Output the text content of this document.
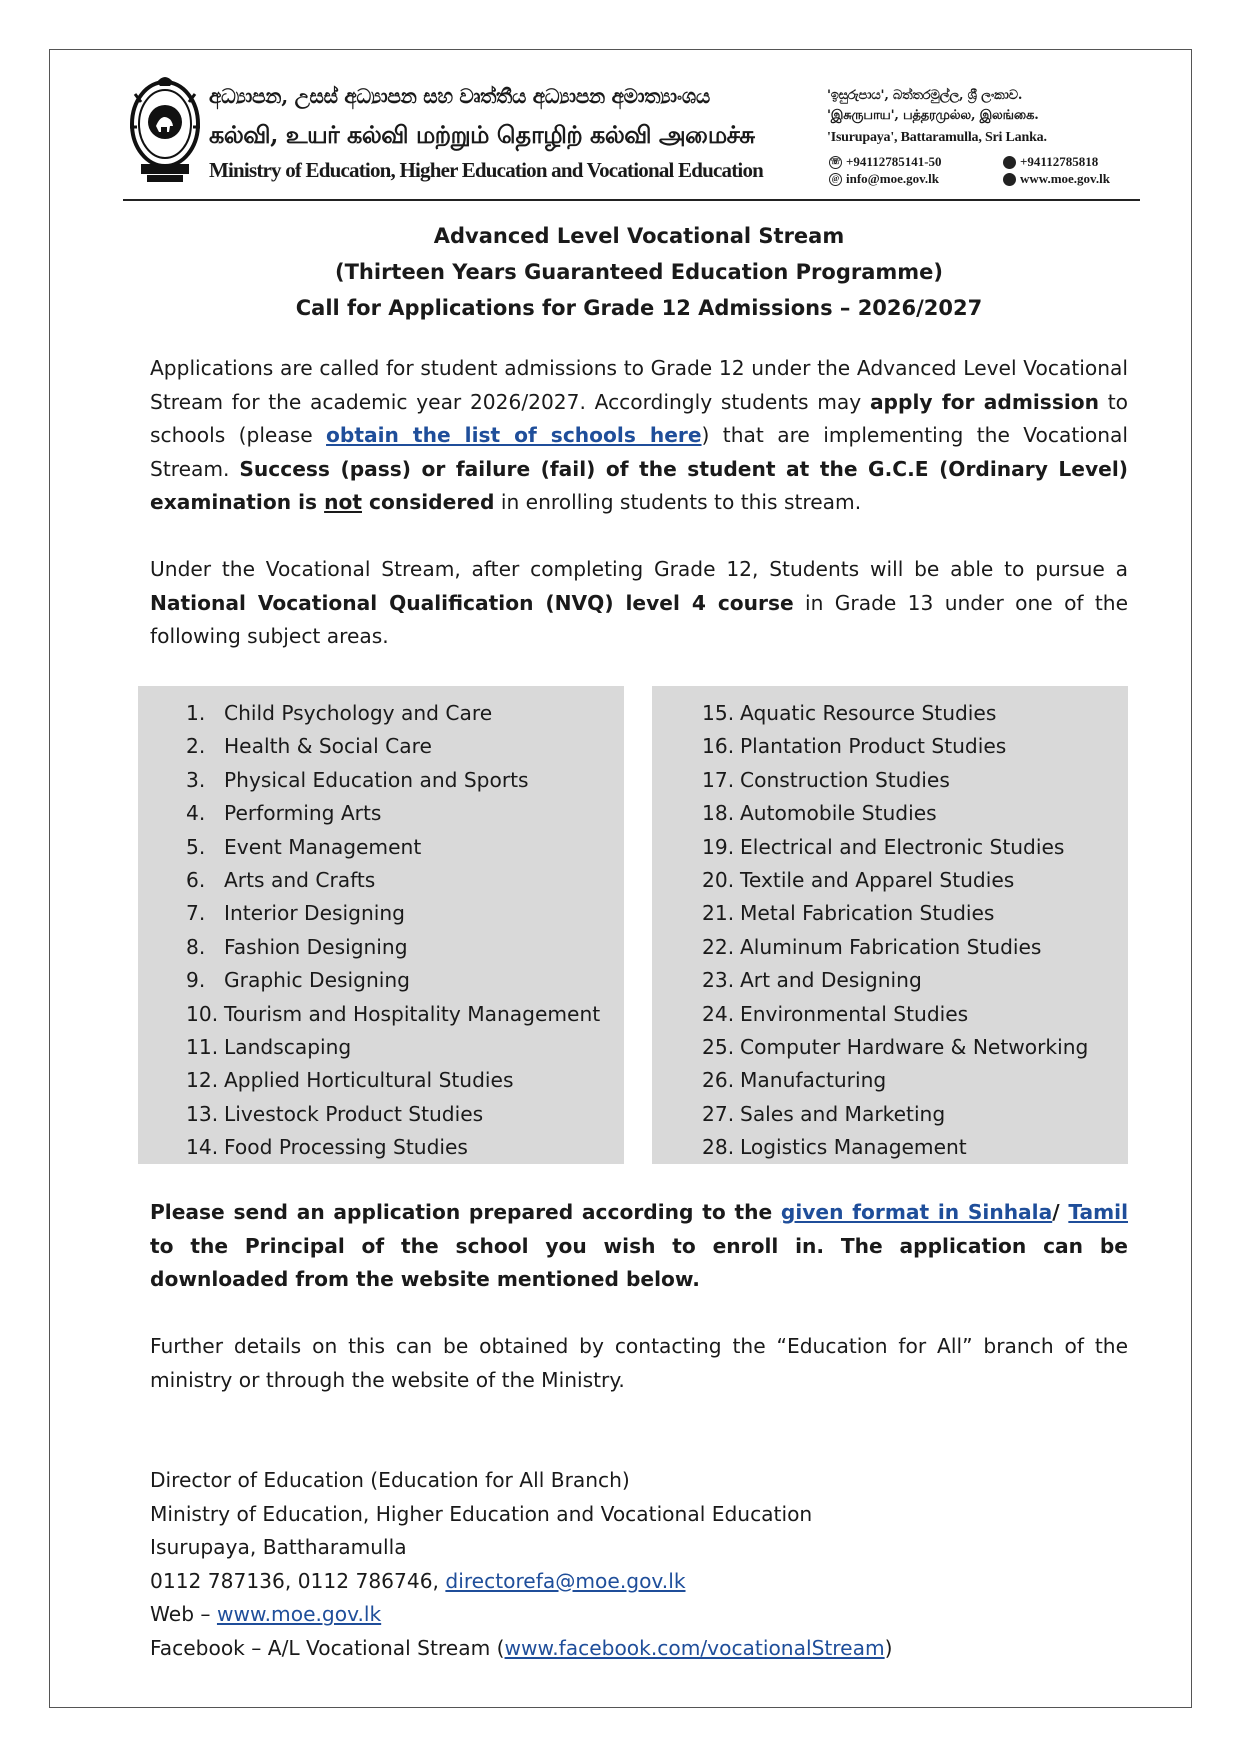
අධ්‍යාපන, උසස් අධ්‍යාපන සහ වෘත්තීය අධ්‍යාපන අමාත්‍යාංශය
கல்வி, உயர் கல்வி மற்றும் தொழிற் கல்வி அமைச்சு
Ministry of Education, Higher Education and Vocational Education
'ඉසුරුපාය', බත්තරමුල්ල, ශ්‍රී ලංකාව.
'இசுருபாய', பத்தரமுல்ல, இலங்கை.
'Isurupaya', Battaramulla, Sri Lanka.
☏ +94112785141-50	+94112785818
@ info@moe.gov.lk	www.moe.gov.lk
Advanced Level Vocational Stream
(Thirteen Years Guaranteed Education Programme)
Call for Applications for Grade 12 Admissions – 2026/2027
Applications are called for student admissions to Grade 12 under the Advanced Level Vocational Stream for the academic year 2026/2027. Accordingly students may apply for admission to schools (please obtain the list of schools here) that are implementing the Vocational Stream. Success (pass) or failure (fail) of the student at the G.C.E (Ordinary Level) examination is not considered in enrolling students to this stream.
Under the Vocational Stream, after completing Grade 12, Students will be able to pursue a National Vocational Qualification (NVQ) level 4 course in Grade 13 under one of the following subject areas.
1. Child Psychology and Care
2. Health & Social Care
3. Physical Education and Sports
4. Performing Arts
5. Event Management
6. Arts and Crafts
7. Interior Designing
8. Fashion Designing
9. Graphic Designing
10. Tourism and Hospitality Management
11. Landscaping
12. Applied Horticultural Studies
13. Livestock Product Studies
14. Food Processing Studies
15. Aquatic Resource Studies
16. Plantation Product Studies
17. Construction Studies
18. Automobile Studies
19. Electrical and Electronic Studies
20. Textile and Apparel Studies
21. Metal Fabrication Studies
22. Aluminum Fabrication Studies
23. Art and Designing
24. Environmental Studies
25. Computer Hardware & Networking
26. Manufacturing
27. Sales and Marketing
28. Logistics Management
Please send an application prepared according to the given format in Sinhala/ Tamil to the Principal of the school you wish to enroll in. The application can be downloaded from the website mentioned below.
Further details on this can be obtained by contacting the “Education for All” branch of the ministry or through the website of the Ministry.
Director of Education (Education for All Branch)
Ministry of Education, Higher Education and Vocational Education
Isurupaya, Battharamulla
0112 787136, 0112 786746, directorefa@moe.gov.lk
Web – www.moe.gov.lk
Facebook – A/L Vocational Stream (www.facebook.com/vocationalStream)
